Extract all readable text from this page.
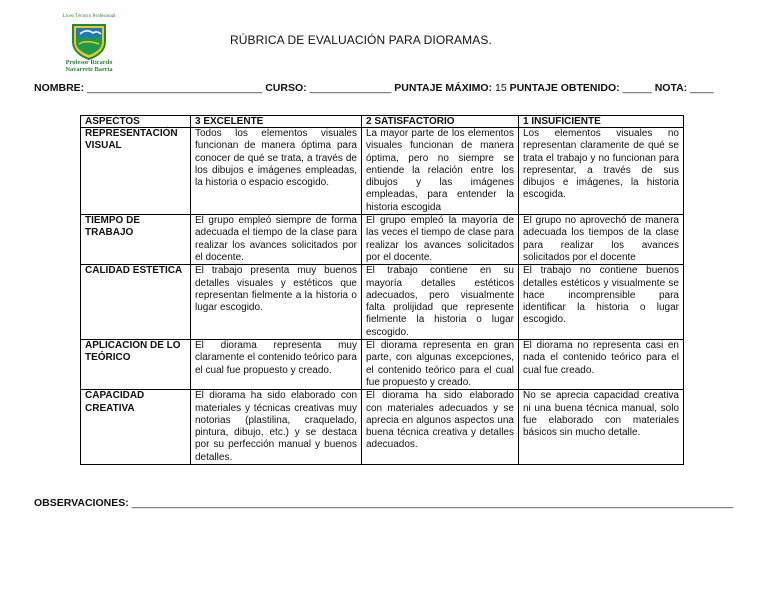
Liceo Técnico Profesional
Profesor Ricardo
Navarrete Barría
RÚBRICA DE EVALUACIÓN PARA DIORAMAS.
NOMBRE: ______________________________ CURSO: ______________ PUNTAJE MÁXIMO: 15 PUNTAJE OBTENIDO: _____ NOTA: ____
ASPECTOS	3 EXCELENTE	2 SATISFACTORIO	1 INSUFICIENTE
REPRESENTACIÓN VISUAL	Todos los elementos visuales funcionan de manera óptima para conocer de qué se trata, a través de los dibujos e imágenes empleadas, la historia o espacio escogido.	La mayor parte de los elementos visuales funcionan de manera óptima, pero no siempre se entiende la relación entre los dibujos y las imágenes empleadas, para entender la historia escogida	Los elementos visuales no representan claramente de qué se trata el trabajo y no funcionan para representar, a través de sus dibujos e imágenes, la historia escogida.
TIEMPO DE TRABAJO	El grupo empleó siempre de forma adecuada el tiempo de la clase para realizar los avances solicitados por el docente.	El grupo empleó la mayoría de las veces el tiempo de clase para realizar los avances solicitados por el docente.	El grupo no aprovechó de manera adecuada los tiempos de la clase para realizar los avances solicitados por el docente
CALIDAD ESTÉTICA	El trabajo presenta muy buenos detalles visuales y estéticos que representan fielmente a la historia o lugar escogido.	El trabajo contiene en su mayoría detalles estéticos adecuados, pero visualmente falta prolijidad que represente fielmente la historia o lugar escogido.	El trabajo no contiene buenos detalles estéticos y visualmente se hace incomprensible para identificar la historia o lugar escogido.
APLICACIÓN DE LO TEÓRICO	El diorama representa muy claramente el contenido teórico para el cual fue propuesto y creado.	El diorama representa en gran parte, con algunas excepciones, el contenido teórico para el cual fue propuesto y creado.	El diorama no representa casi en nada el contenido teórico para el cual fue creado.
CAPACIDAD CREATIVA	El diorama ha sido elaborado con materiales y técnicas creativas muy notorias (plastilina, craquelado, pintura, dibujo, etc.) y se destaca por su perfección manual y buenos detalles.	El diorama ha sido elaborado con materiales adecuados y se aprecia en algunos aspectos una buena técnica creativa y detalles adecuados.	No se aprecia capacidad creativa ni una buena técnica manual, solo fue elaborado con materiales básicos sin mucho detalle.
OBSERVACIONES: _______________________________________________________________________________________________________
